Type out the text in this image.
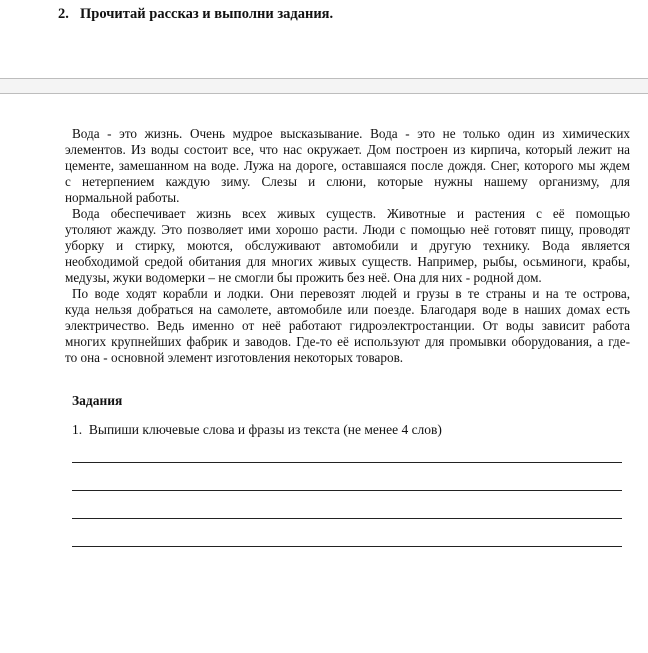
2. Прочитай рассказ и выполни задания.
Вода - это жизнь. Очень мудрое высказывание. Вода - это не только один из химических
элементов. Из воды состоит все, что нас окружает. Дом построен из кирпича, который лежит на
цементе, замешанном на воде. Лужа на дороге, оставшаяся после дождя. Снег, которого мы ждем
с нетерпением каждую зиму. Слезы и слюни, которые нужны нашему организму, для
нормальной работы.
Вода обеспечивает жизнь всех живых существ. Животные и растения с её помощью
утоляют жажду. Это позволяет ими хорошо расти. Люди с помощью неё готовят пищу, проводят
уборку и стирку, моются, обслуживают автомобили и другую технику. Вода является
необходимой средой обитания для многих живых существ. Например, рыбы, осьминоги, крабы,
медузы, жуки водомерки – не смогли бы прожить без неё. Она для них - родной дом.
По воде ходят корабли и лодки. Они перевозят людей и грузы в те страны и на те острова,
куда нельзя добраться на самолете, автомобиле или поезде. Благодаря воде в наших домах есть
электричество. Ведь именно от неё работают гидроэлектростанции. От воды зависит работа
многих крупнейших фабрик и заводов. Где-то её используют для промывки оборудования, а где-
то она - основной элемент изготовления некоторых товаров.
Задания
1. Выпиши ключевые слова и фразы из текста (не менее 4 слов)
